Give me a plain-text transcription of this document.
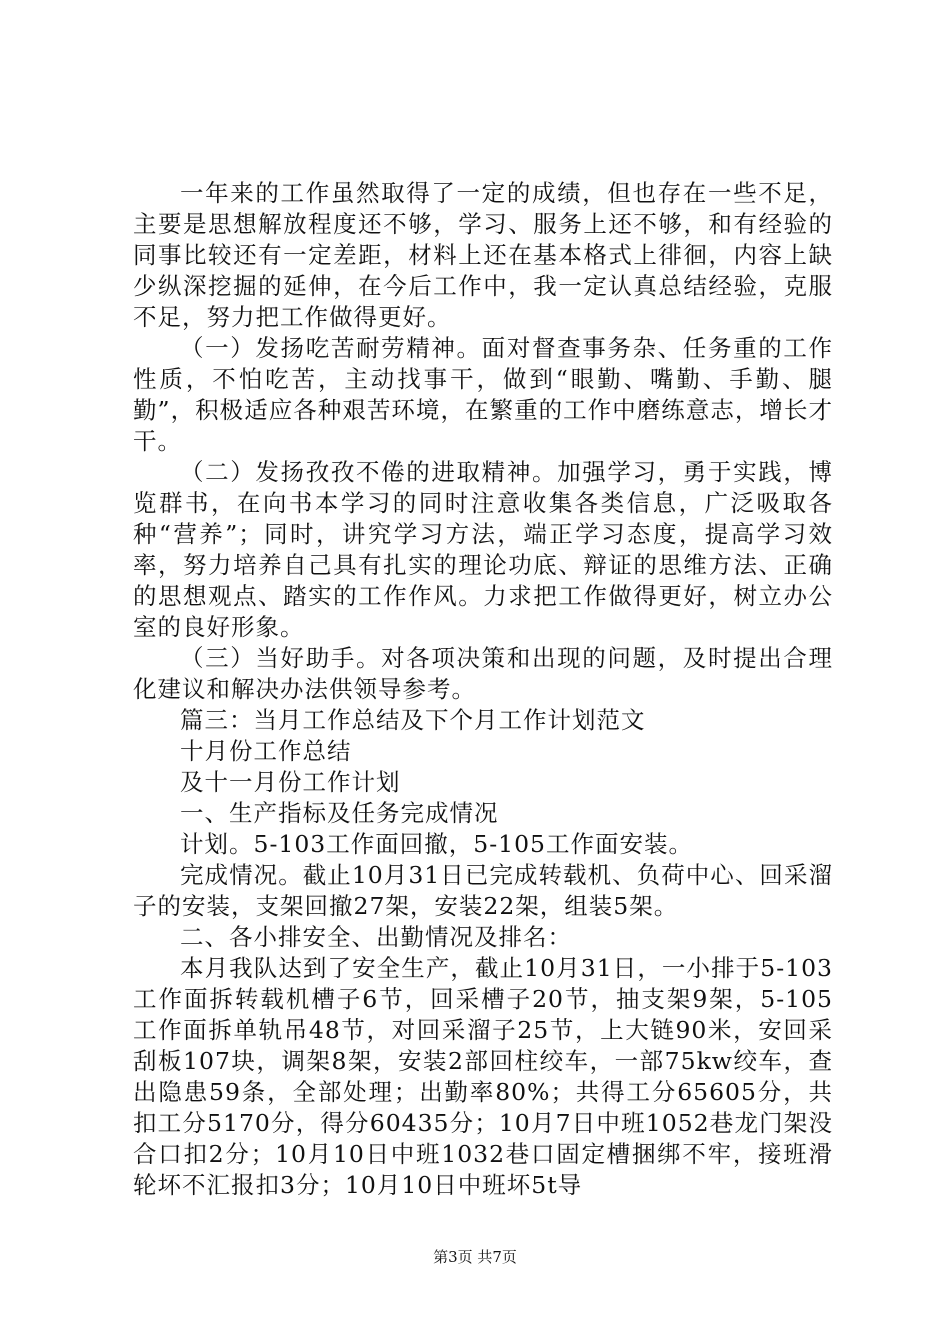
一年来的工作虽然取得了一定的成绩，但也存在一些不足，主要是思想解放程度还不够，学习、服务上还不够，和有经验的同事比较还有一定差距，材料上还在基本格式上徘徊，内容上缺少纵深挖掘的延伸，在今后工作中，我一定认真总结经验，克服不足，努力把工作做得更好。

（一）发扬吃苦耐劳精神。面对督查事务杂、任务重的工作性质，不怕吃苦，主动找事干，做到“眼勤、嘴勤、手勤、腿勤”，积极适应各种艰苦环境，在繁重的工作中磨练意志，增长才干。

（二）发扬孜孜不倦的进取精神。加强学习，勇于实践，博览群书，在向书本学习的同时注意收集各类信息，广泛吸取各种“营养”；同时，讲究学习方法，端正学习态度，提高学习效率，努力培养自己具有扎实的理论功底、辩证的思维方法、正确的思想观点、踏实的工作作风。力求把工作做得更好，树立办公室的良好形象。

（三）当好助手。对各项决策和出现的问题，及时提出合理化建议和解决办法供领导参考。

篇三：当月工作总结及下个月工作计划范文

十月份工作总结

及十一月份工作计划

一、生产指标及任务完成情况

计划。5-103工作面回撤，5-105工作面安装。

完成情况。截止10月31日已完成转载机、负荷中心、回采溜子的安装，支架回撤27架，安装22架，组装5架。

二、各小排安全、出勤情况及排名：

本月我队达到了安全生产，截止10月31日，一小排于5-103工作面拆转载机槽子6节，回采槽子20节，抽支架9架，5-105工作面拆单轨吊48节，对回采溜子25节，上大链90米，安回采刮板107块，调架8架，安装2部回柱绞车，一部75kw绞车，查出隐患59条，全部处理；出勤率80%；共得工分65605分，共扣工分5170分，得分60435分；10月7日中班1052巷龙门架没合口扣2分；10月10日中班1032巷口固定槽捆绑不牢，接班滑轮坏不汇报扣3分；10月10日中班坏5t导

第3页 共7页
